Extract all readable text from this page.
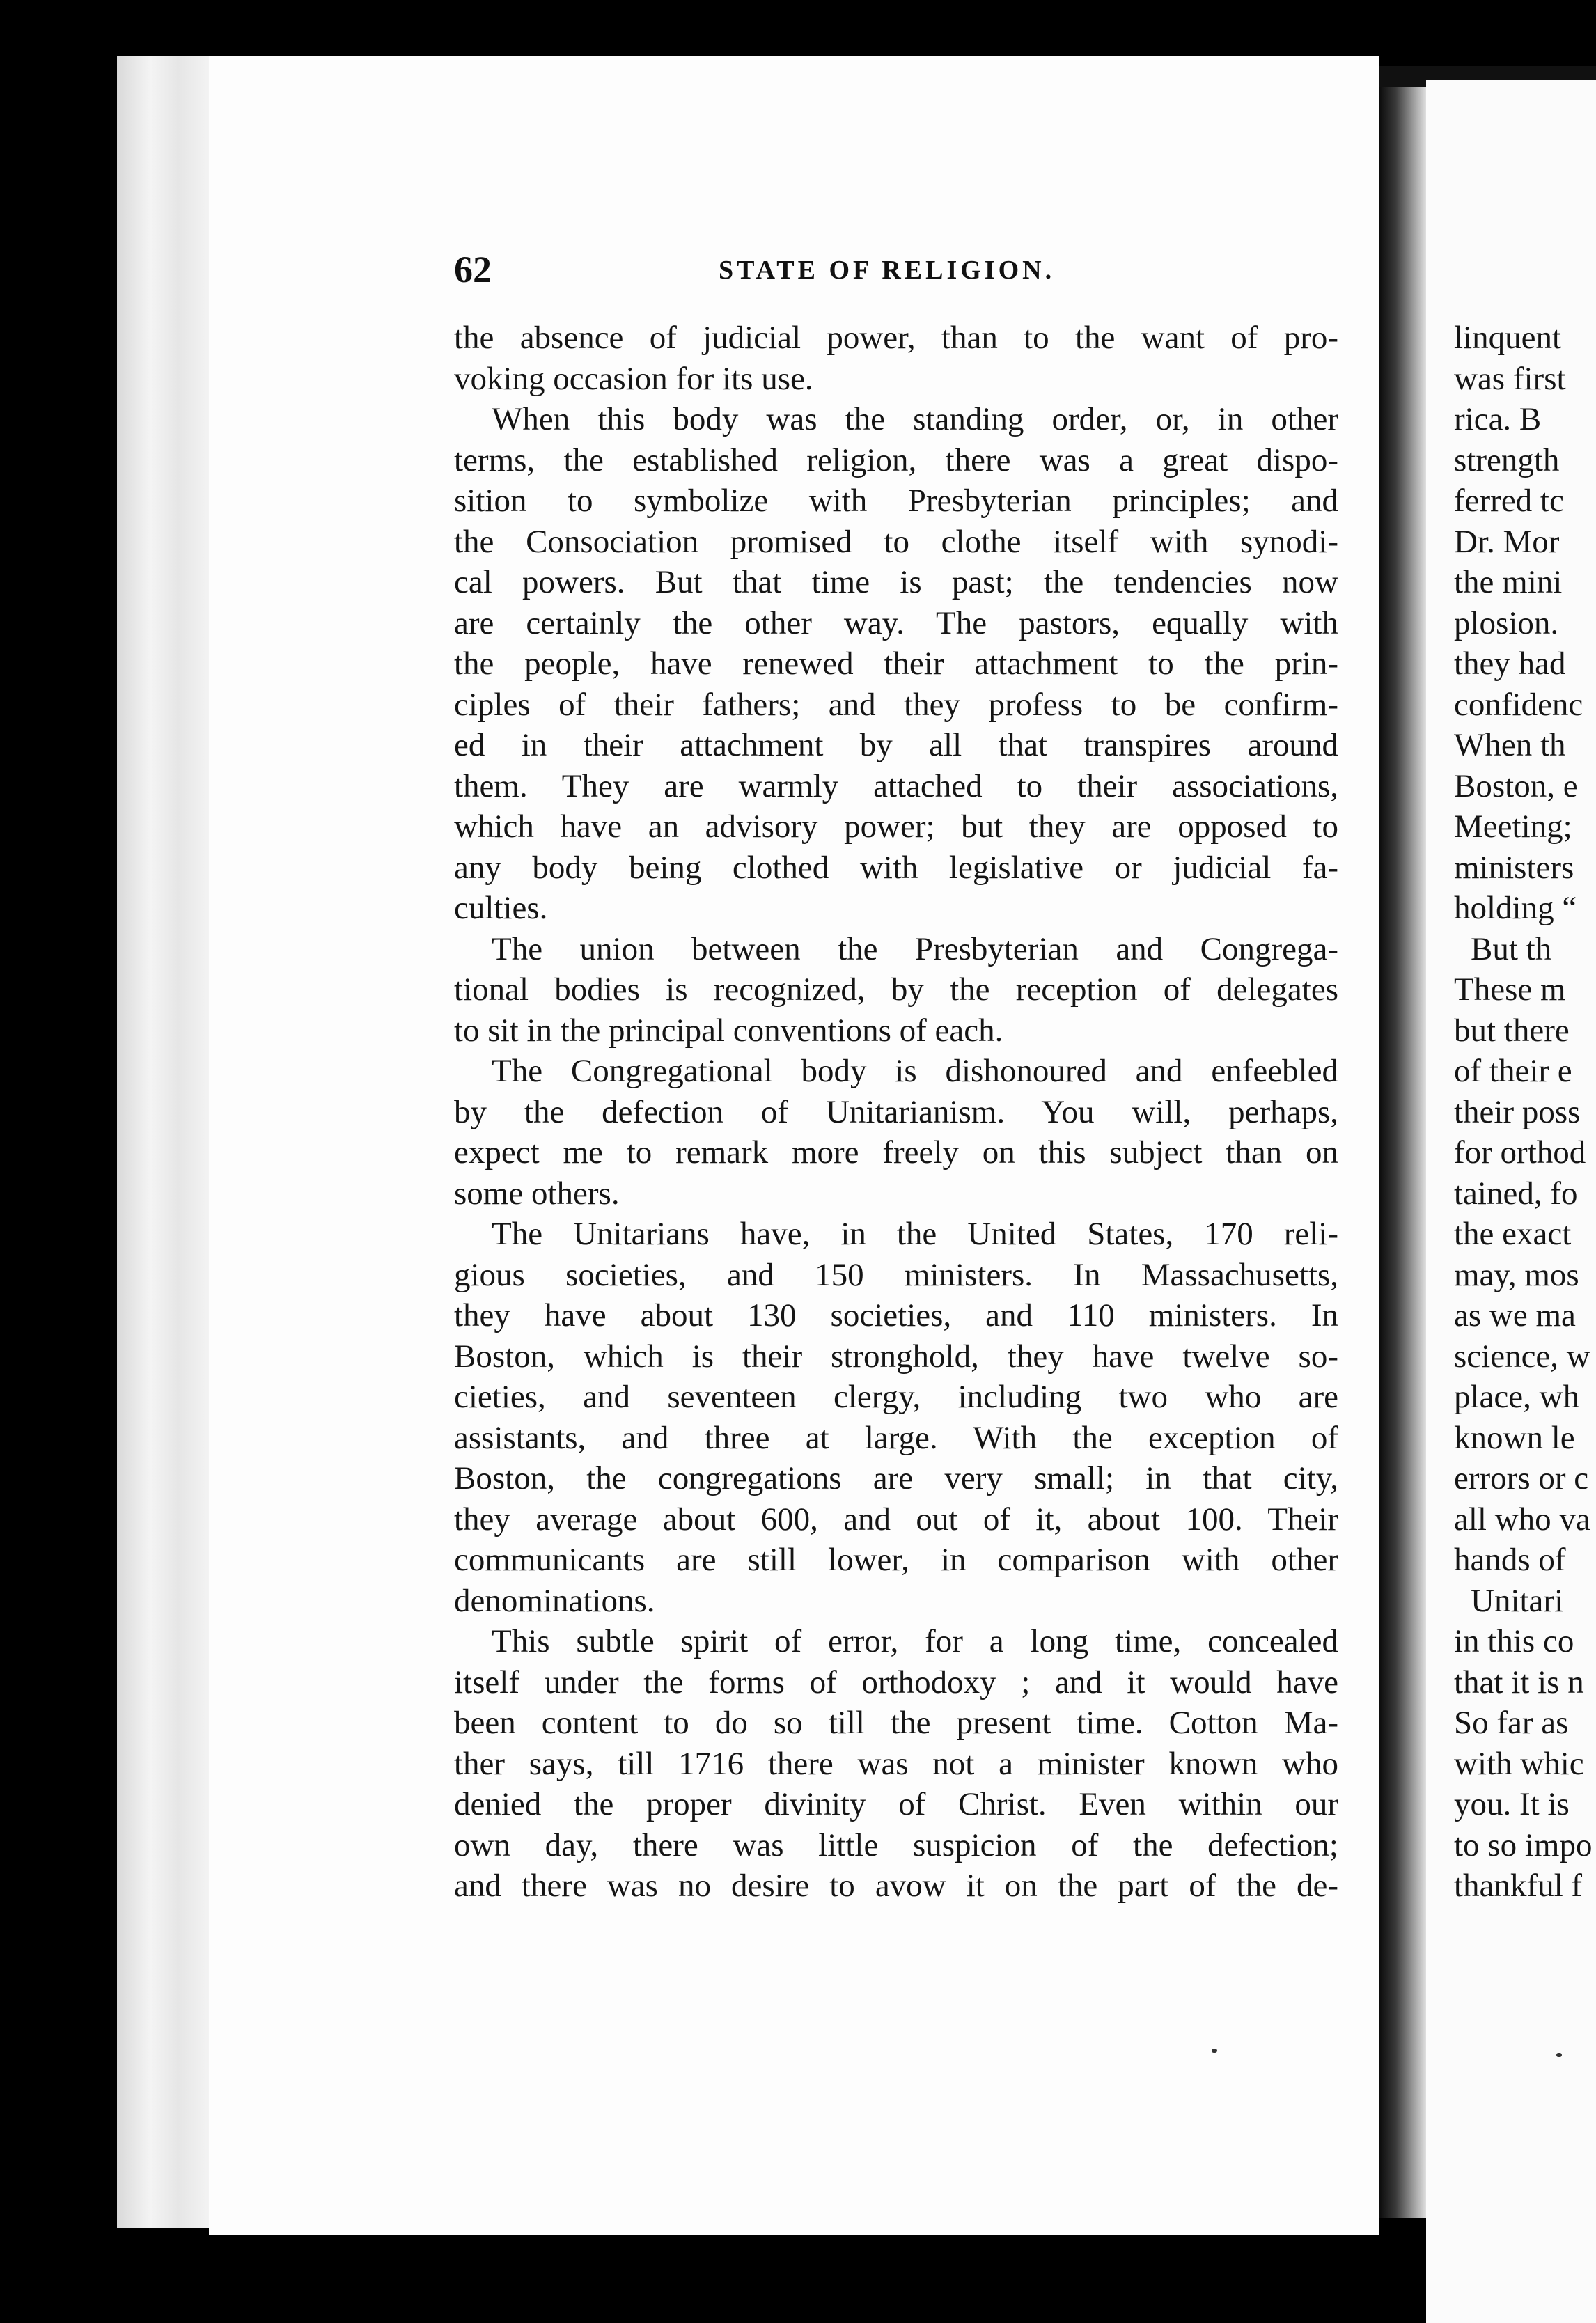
62	STATE OF RELIGION.
the absence of judicial power, than to the want of pro-
voking occasion for its use.
When this body was the standing order, or, in other
terms, the established religion, there was a great dispo-
sition to symbolize with Presbyterian principles; and
the Consociation promised to clothe itself with synodi-
cal powers. But that time is past; the tendencies now
are certainly the other way. The pastors, equally with
the people, have renewed their attachment to the prin-
ciples of their fathers; and they profess to be confirm-
ed in their attachment by all that transpires around
them. They are warmly attached to their associations,
which have an advisory power; but they are opposed to
any body being clothed with legislative or judicial fa-
culties.
The union between the Presbyterian and Congrega-
tional bodies is recognized, by the reception of delegates
to sit in the principal conventions of each.
The Congregational body is dishonoured and enfeebled
by the defection of Unitarianism. You will, perhaps,
expect me to remark more freely on this subject than on
some others.
The Unitarians have, in the United States, 170 reli-
gious societies, and 150 ministers. In Massachusetts,
they have about 130 societies, and 110 ministers. In
Boston, which is their stronghold, they have twelve so-
cieties, and seventeen clergy, including two who are
assistants, and three at large. With the exception of
Boston, the congregations are very small; in that city,
they average about 600, and out of it, about 100. Their
communicants are still lower, in comparison with other
denominations.
This subtle spirit of error, for a long time, concealed
itself under the forms of orthodoxy ; and it would have
been content to do so till the present time. Cotton Ma-
ther says, till 1716 there was not a minister known who
denied the proper divinity of Christ. Even within our
own day, there was little suspicion of the defection;
and there was no desire to avow it on the part of the de-
linquent
was first
rica. B
strength
ferred tc
Dr. Mor
the mini
plosion.
they had
confidenc
When th
Boston, e
Meeting;
ministers
holding “
But th
These m
but there
of their e
their poss
for orthod
tained, fo
the exact
may, mos
as we ma
science, w
place, wh
known le
errors or c
all who va
hands of
Unitari
in this co
that it is n
So far as
with whic
you. It is
to so impo
thankful f
